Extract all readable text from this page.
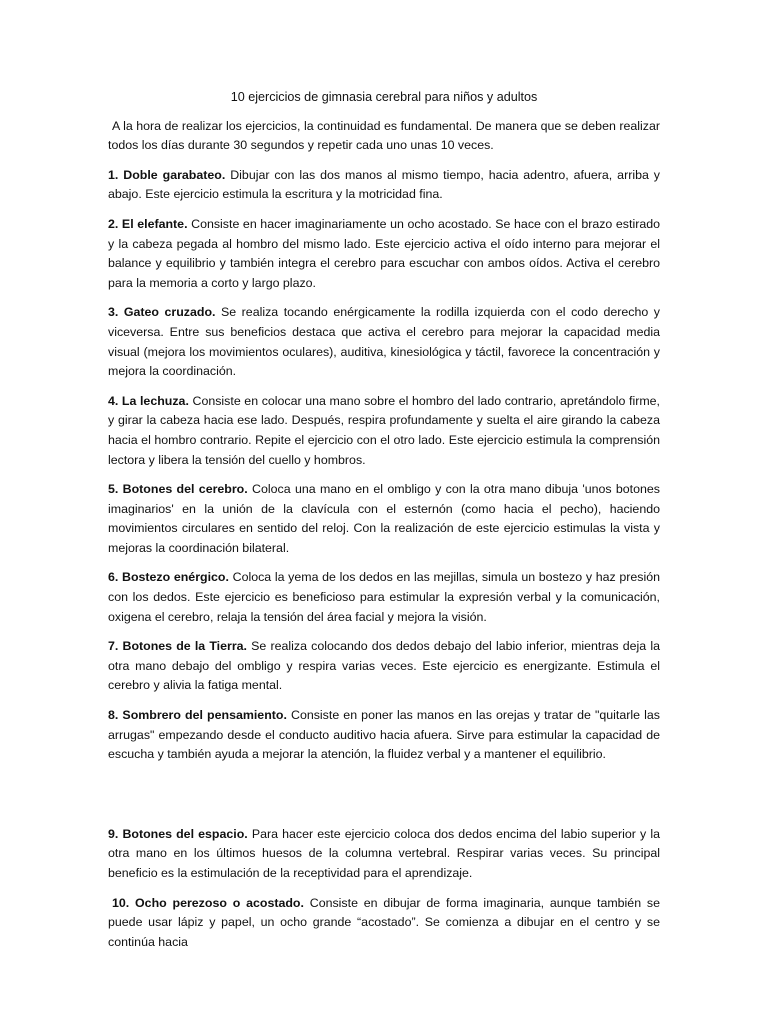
10 ejercicios de gimnasia cerebral para niños y adultos

A la hora de realizar los ejercicios, la continuidad es fundamental. De manera que se deben realizar todos los días durante 30 segundos y repetir cada uno unas 10 veces.

1. Doble garabateo. Dibujar con las dos manos al mismo tiempo, hacia adentro, afuera, arriba y abajo. Este ejercicio estimula la escritura y la motricidad fina.

2. El elefante. Consiste en hacer imaginariamente un ocho acostado. Se hace con el brazo estirado y la cabeza pegada al hombro del mismo lado. Este ejercicio activa el oído interno para mejorar el balance y equilibrio y también integra el cerebro para escuchar con ambos oídos. Activa el cerebro para la memoria a corto y largo plazo.

3. Gateo cruzado. Se realiza tocando enérgicamente la rodilla izquierda con el codo derecho y viceversa. Entre sus beneficios destaca que activa el cerebro para mejorar la capacidad media visual (mejora los movimientos oculares), auditiva, kinesiológica y táctil, favorece la concentración y mejora la coordinación.

4. La lechuza. Consiste en colocar una mano sobre el hombro del lado contrario, apretándolo firme, y girar la cabeza hacia ese lado. Después, respira profundamente y suelta el aire girando la cabeza hacia el hombro contrario. Repite el ejercicio con el otro lado. Este ejercicio estimula la comprensión lectora y libera la tensión del cuello y hombros.

5. Botones del cerebro. Coloca una mano en el ombligo y con la otra mano dibuja 'unos botones imaginarios' en la unión de la clavícula con el esternón (como hacia el pecho), haciendo movimientos circulares en sentido del reloj. Con la realización de este ejercicio estimulas la vista y mejoras la coordinación bilateral.

6. Bostezo enérgico. Coloca la yema de los dedos en las mejillas, simula un bostezo y haz presión con los dedos. Este ejercicio es beneficioso para estimular la expresión verbal y la comunicación, oxigena el cerebro, relaja la tensión del área facial y mejora la visión.

7. Botones de la Tierra. Se realiza colocando dos dedos debajo del labio inferior, mientras deja la otra mano debajo del ombligo y respira varias veces. Este ejercicio es energizante. Estimula el cerebro y alivia la fatiga mental.

8. Sombrero del pensamiento. Consiste en poner las manos en las orejas y tratar de "quitarle las arrugas" empezando desde el conducto auditivo hacia afuera. Sirve para estimular la capacidad de escucha y también ayuda a mejorar la atención, la fluidez verbal y a mantener el equilibrio.

9. Botones del espacio. Para hacer este ejercicio coloca dos dedos encima del labio superior y la otra mano en los últimos huesos de la columna vertebral. Respirar varias veces. Su principal beneficio es la estimulación de la receptividad para el aprendizaje.

10. Ocho perezoso o acostado. Consiste en dibujar de forma imaginaria, aunque también se puede usar lápiz y papel, un ocho grande “acostado”. Se comienza a dibujar en el centro y se continúa hacia
